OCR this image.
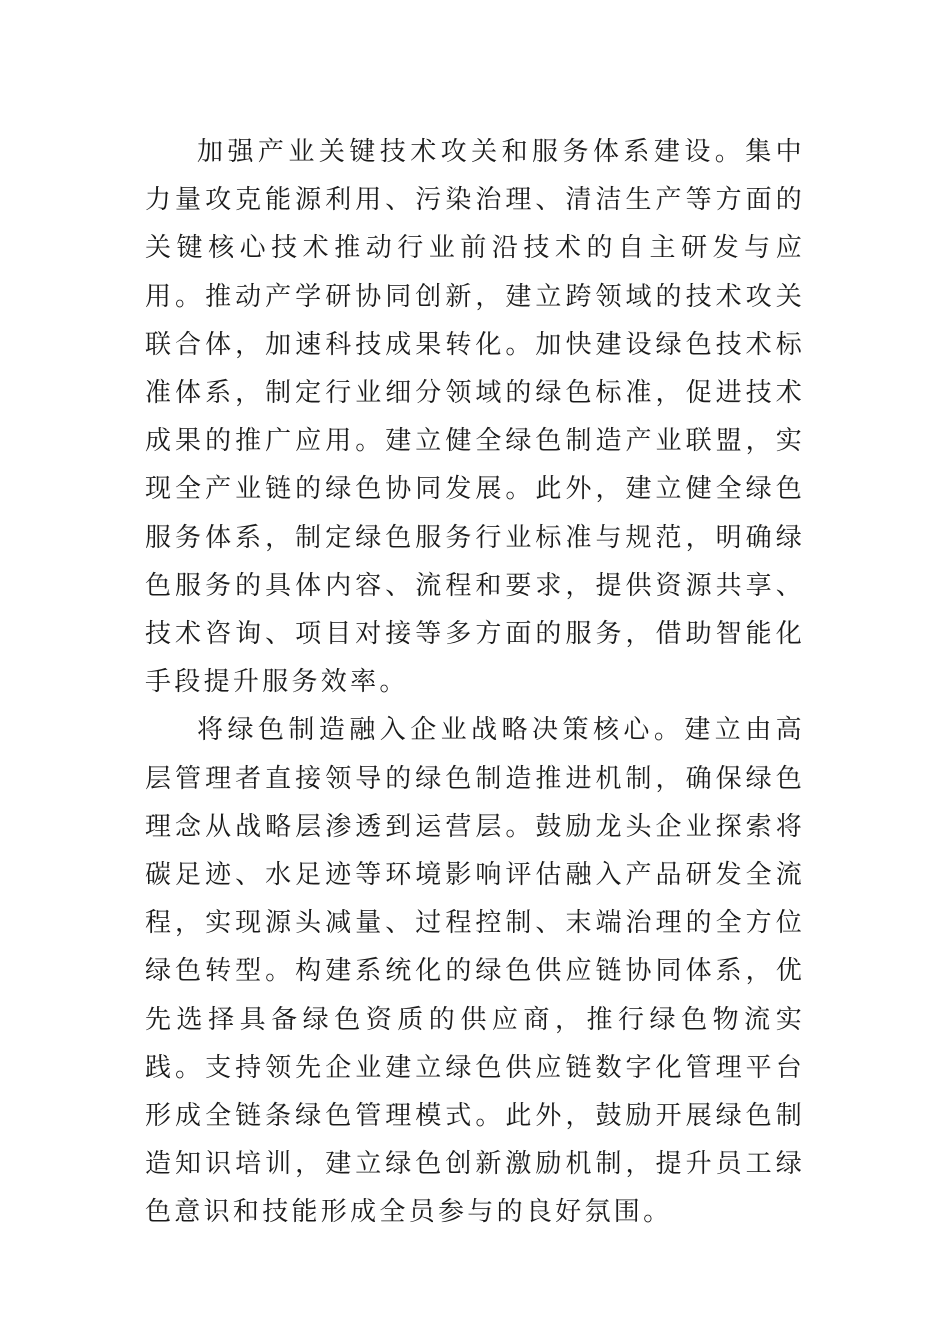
加强产业关键技术攻关和服务体系建设。集中力量攻克能源利用、污染治理、清洁生产等方面的关键核心技术推动行业前沿技术的自主研发与应用。推动产学研协同创新，建立跨领域的技术攻关联合体，加速科技成果转化。加快建设绿色技术标准体系，制定行业细分领域的绿色标准，促进技术成果的推广应用。建立健全绿色制造产业联盟，实现全产业链的绿色协同发展。此外，建立健全绿色服务体系，制定绿色服务行业标准与规范，明确绿色服务的具体内容、流程和要求，提供资源共享、技术咨询、项目对接等多方面的服务，借助智能化手段提升服务效率。

将绿色制造融入企业战略决策核心。建立由高层管理者直接领导的绿色制造推进机制，确保绿色理念从战略层渗透到运营层。鼓励龙头企业探索将碳足迹、水足迹等环境影响评估融入产品研发全流程，实现源头减量、过程控制、末端治理的全方位绿色转型。构建系统化的绿色供应链协同体系，优先选择具备绿色资质的供应商，推行绿色物流实践。支持领先企业建立绿色供应链数字化管理平台形成全链条绿色管理模式。此外，鼓励开展绿色制造知识培训，建立绿色创新激励机制，提升员工绿色意识和技能形成全员参与的良好氛围。
